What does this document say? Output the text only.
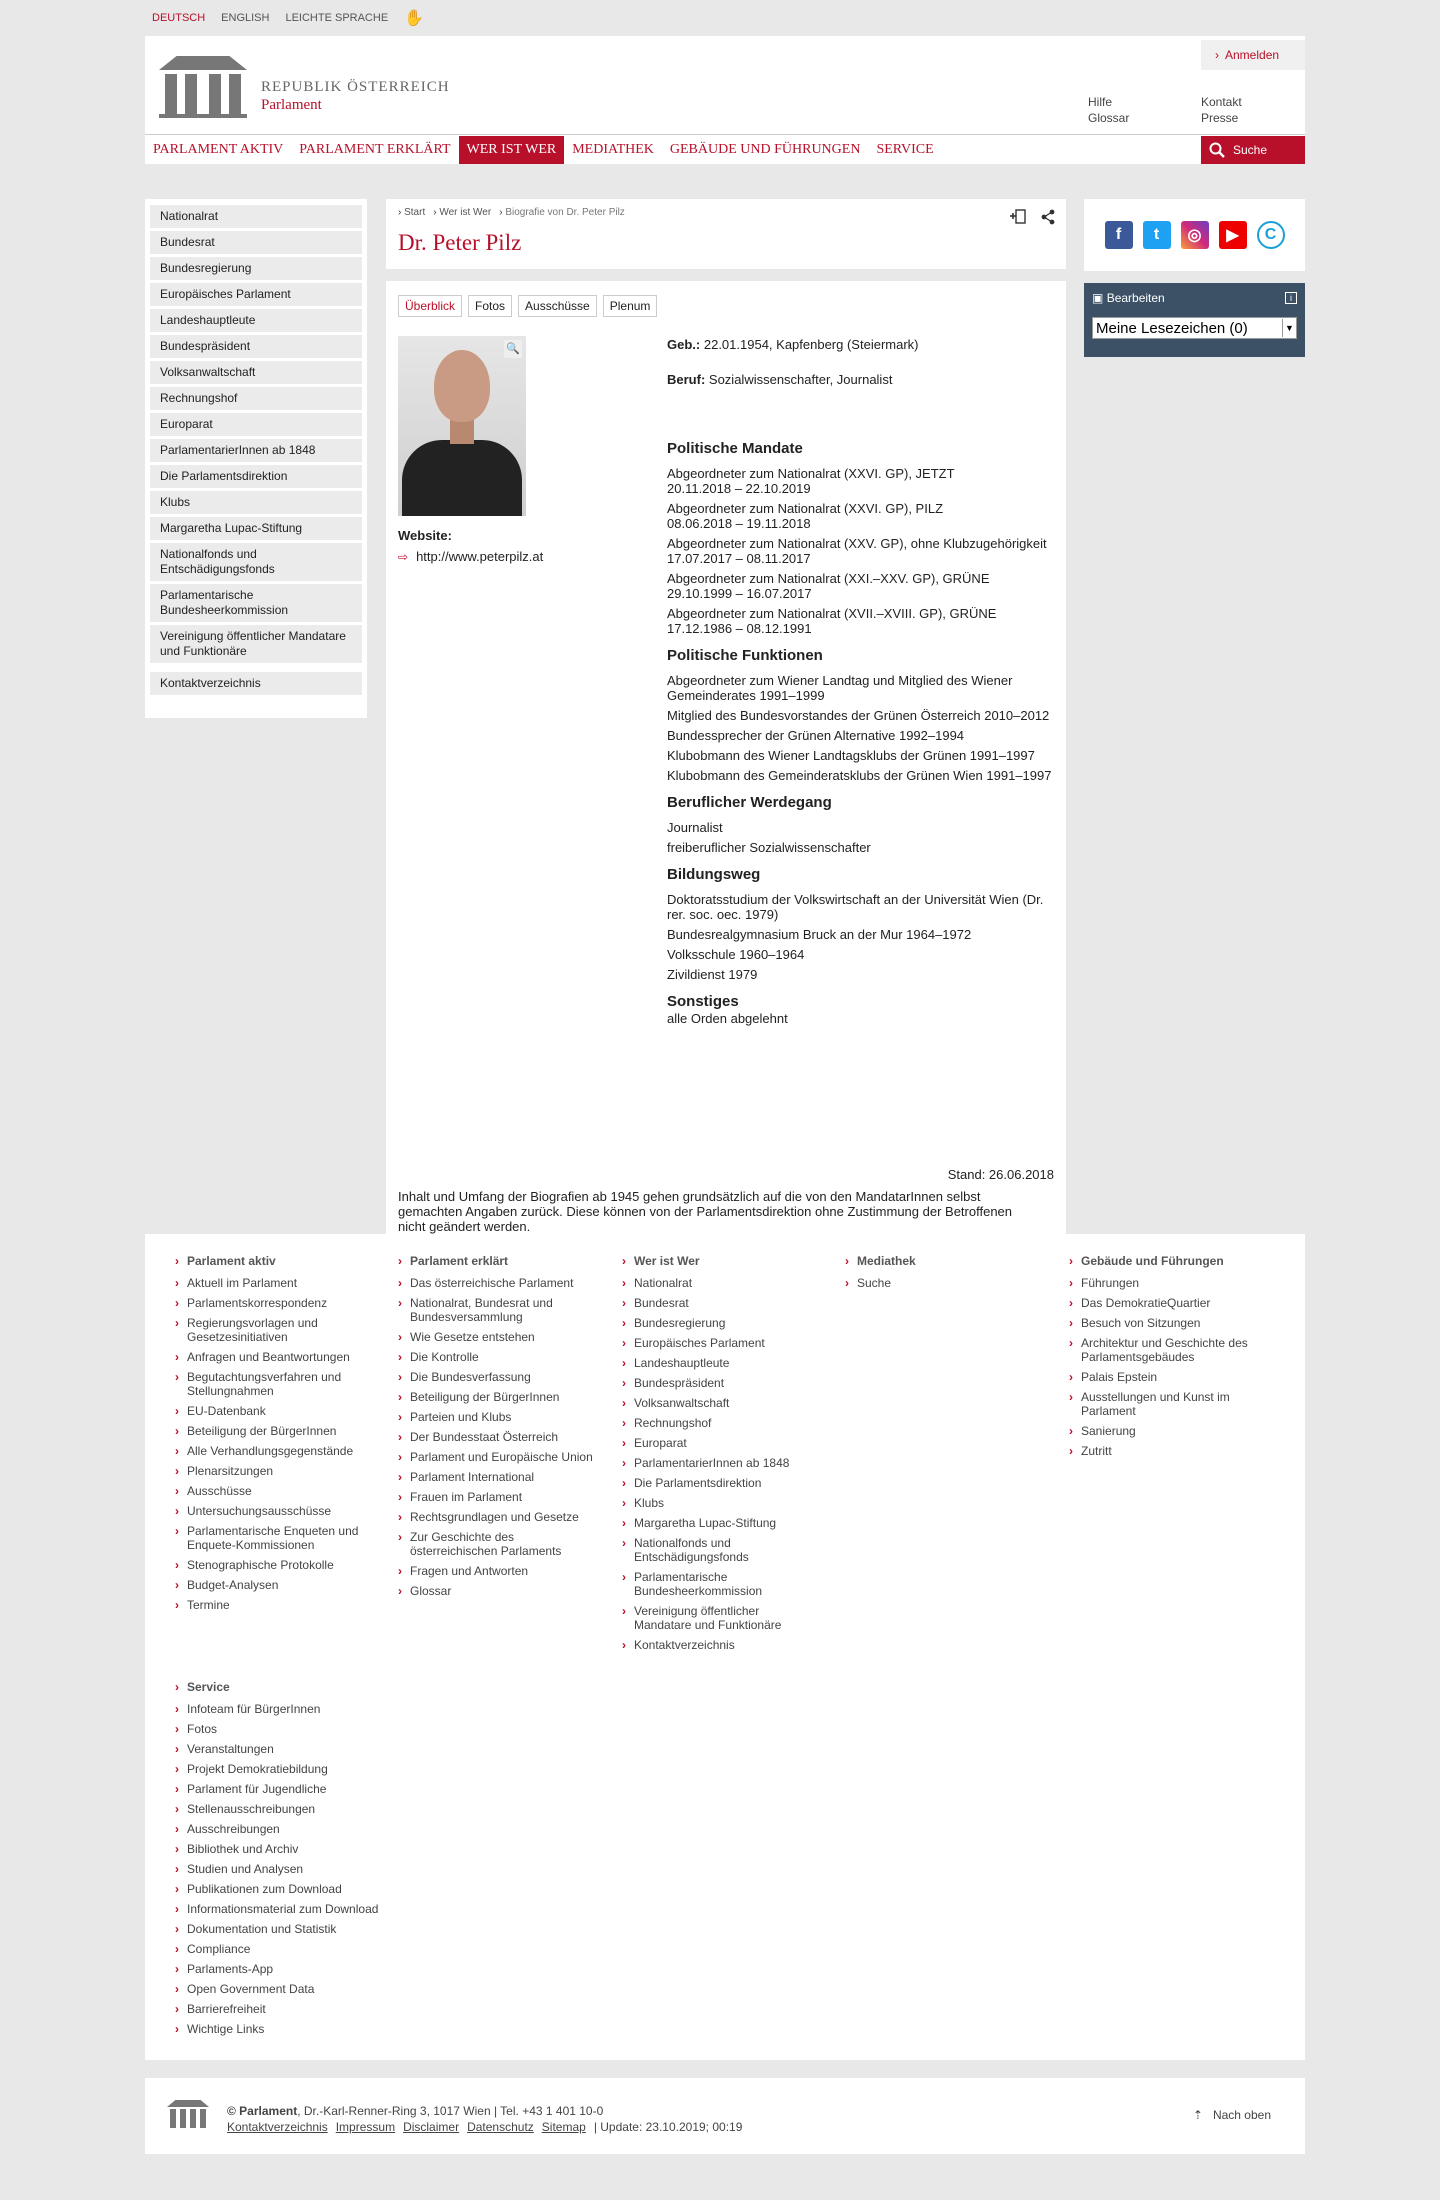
DEUTSCH ENGLISH LEICHTE SPRACHE ✋
REPUBLIK ÖSTERREICH
Parlament
› Anmelden
Hilfe
Glossar
Kontakt
Presse
PARLAMENT AKTIV	PARLAMENT ERKLÄRT	WER IST WER	MEDIATHEK	GEBÄUDE UND FÜHRUNGEN	SERVICE	Suche
Nationalrat
Bundesrat
Bundesregierung
Europäisches Parlament
Landeshauptleute
Bundespräsident
Volksanwaltschaft
Rechnungshof
Europarat
ParlamentarierInnen ab 1848
Die Parlamentsdirektion
Klubs
Margaretha Lupac-Stiftung
Nationalfonds und Entschädigungsfonds
Parlamentarische Bundesheerkommission
Vereinigung öffentlicher Mandatare und Funktionäre
Kontaktverzeichnis
› Start	› Wer ist Wer	› Biografie von Dr. Peter Pilz
Dr. Peter Pilz
Überblick	Fotos	Ausschüsse	Plenum
🔍
Website:
⇨ http://www.peterpilz.at
Geb.: 22.01.1954, Kapfenberg (Steiermark)
Beruf: Sozialwissenschafter, Journalist
Politische Mandate
Abgeordneter zum Nationalrat (XXVI. GP), JETZT
20.11.2018 – 22.10.2019
Abgeordneter zum Nationalrat (XXVI. GP), PILZ
08.06.2018 – 19.11.2018
Abgeordneter zum Nationalrat (XXV. GP), ohne Klubzugehörigkeit
17.07.2017 – 08.11.2017
Abgeordneter zum Nationalrat (XXI.–XXV. GP), GRÜNE
29.10.1999 – 16.07.2017
Abgeordneter zum Nationalrat (XVII.–XVIII. GP), GRÜNE
17.12.1986 – 08.12.1991
Politische Funktionen
Abgeordneter zum Wiener Landtag und Mitglied des Wiener Gemeinderates 1991–1999
Mitglied des Bundesvorstandes der Grünen Österreich 2010–2012
Bundessprecher der Grünen Alternative 1992–1994
Klubobmann des Wiener Landtagsklubs der Grünen 1991–1997
Klubobmann des Gemeinderatsklubs der Grünen Wien 1991–1997
Beruflicher Werdegang
Journalist
freiberuflicher Sozialwissenschafter
Bildungsweg
Doktoratsstudium der Volkswirtschaft an der Universität Wien (Dr. rer. soc. oec. 1979)
Bundesrealgymnasium Bruck an der Mur 1964–1972
Volksschule 1960–1964
Zivildienst 1979
Sonstiges
alle Orden abgelehnt
Stand: 26.06.2018
Inhalt und Umfang der Biografien ab 1945 gehen grundsätzlich auf die von den MandatarInnen selbst gemachten Angaben zurück. Diese können von der Parlamentsdirektion ohne Zustimmung der Betroffenen nicht geändert werden.
f	t	◎	▶	C
▣ Bearbeiten	i
Meine Lesezeichen (0)	▼
› Parlament aktiv
› Aktuell im Parlament
› Parlamentskorrespondenz
› Regierungsvorlagen und Gesetzesinitiativen
› Anfragen und Beantwortungen
› Begutachtungsverfahren und Stellungnahmen
› EU-Datenbank
› Beteiligung der BürgerInnen
› Alle Verhandlungsgegenstände
› Plenarsitzungen
› Ausschüsse
› Untersuchungsausschüsse
› Parlamentarische Enqueten und Enquete-Kommissionen
› Stenographische Protokolle
› Budget-Analysen
› Termine
› Parlament erklärt
› Das österreichische Parlament
› Nationalrat, Bundesrat und Bundesversammlung
› Wie Gesetze entstehen
› Die Kontrolle
› Die Bundesverfassung
› Beteiligung der BürgerInnen
› Parteien und Klubs
› Der Bundesstaat Österreich
› Parlament und Europäische Union
› Parlament International
› Frauen im Parlament
› Rechtsgrundlagen und Gesetze
› Zur Geschichte des österreichischen Parlaments
› Fragen und Antworten
› Glossar
› Wer ist Wer
› Nationalrat
› Bundesrat
› Bundesregierung
› Europäisches Parlament
› Landeshauptleute
› Bundespräsident
› Volksanwaltschaft
› Rechnungshof
› Europarat
› ParlamentarierInnen ab 1848
› Die Parlamentsdirektion
› Klubs
› Margaretha Lupac-Stiftung
› Nationalfonds und Entschädigungsfonds
› Parlamentarische Bundesheerkommission
› Vereinigung öffentlicher Mandatare und Funktionäre
› Kontaktverzeichnis
› Mediathek
› Suche
› Gebäude und Führungen
› Führungen
› Das DemokratieQuartier
› Besuch von Sitzungen
› Architektur und Geschichte des Parlamentsgebäudes
› Palais Epstein
› Ausstellungen und Kunst im Parlament
› Sanierung
› Zutritt
› Service
› Infoteam für BürgerInnen
› Fotos
› Veranstaltungen
› Projekt Demokratiebildung
› Parlament für Jugendliche
› Stellenausschreibungen
› Ausschreibungen
› Bibliothek und Archiv
› Studien und Analysen
› Publikationen zum Download
› Informationsmaterial zum Download
› Dokumentation und Statistik
› Compliance
› Parlaments-App
› Open Government Data
› Barrierefreiheit
› Wichtige Links
© Parlament, Dr.-Karl-Renner-Ring 3, 1017 Wien | Tel. +43 1 401 10-0
Kontaktverzeichnis Impressum Disclaimer Datenschutz Sitemap | Update: 23.10.2019; 00:19
⇡ Nach oben
